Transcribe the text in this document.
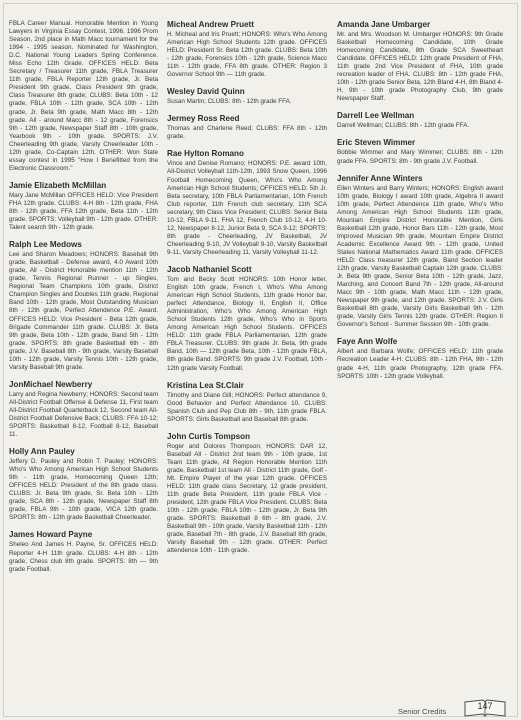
FBLA Career Manual. Honorable Mention in Young Lawyers in Virginia Essay Contest, 1996. 1996 Prom Season, 2nd place in Math Macc tournament for the 1994 - 1995 season. Nominated for Washington, D.C. National Young Leaders Spring Conference. Miss Echo 12th Grade. OFFICES HELD: Beta Secretary / Treasurer 11th grade, FBLA Treasurer 11th grade, FBLA Reporter 12th grade, Jr. Beta President 9th grade, Class President 9th grade, Class Treasurer 8th grade; CLUBS: Beta 10th - 12 grade, FBLA 10th - 12th grade, SCA 10th - 12th grade, Jr. Beta 9th grade, Math Macc 8th - 12th grade. All - around Macc 8th - 12 grade, Forensics 9th - 12th grade, Newspaper Staff 8th - 10th grade, Yearbook 9th - 10th grade. SPORTS: J.V. Cheerleading 9th grade, Varsity Cheerleader 10th - 12th grade, Co-Captain 12th. OTHER: Won State essay contest in 1995 "How I Benefitted from the Electronic Classroom."

Jamie Elizabeth McMillan

Mary Jane McMillan OFFICES HELD: Vice President FHA 12th grade. CLUBS: 4-H 8th - 12th grade, FHA 8th - 12th grade, FFA 12th grade, Beta 11th - 12th grade. SPORTS: Volleyball 9th - 12th grade. OTHER: Talent search 9th - 12th grade.

Ralph Lee Medows

Lee and Sharon Meadows; HONORS: Baseball 9th grade, Basketball - Defense award, 4.0 Award 10th grade, All - District Honorable mention 11th - 12th grade, Tennis Regional Runner - up Singles, Regional Team Champions 10th grade, District Champion Singles and Doubles 11th grade, Regional Band 10th - 12th grade, Most Outstanding Musician 8th - 12th grade, Perfect Attendence P.E. Award. OFFICES HELD: Vice President - Beta 12th grade, Brigade Commander 11th grade. CLUBS: Jr. Beta 9th grade, Beta 10th - 12th grade, Band 5th - 12th grade. SPORTS: 8th grade Basketball 6th - 8th grade, J.V. Baseball 8th - 9th grade, Varsity Baseball 10th - 12th grade, Varsity Tennis 10th - 12th grade, Varsity Baseball 9th grade.

JonMichael Newberry

Larry and Regina Newberry; HONORS: Second team All-District Football Offense & Defense 11, First team All-District Football Quarterback 12, Second team All-District Football Defensive Back; CLUBS: FFA 10-12; SPORTS: Basketball 8-12, Football 8-12, Baseball 11.

Holly Ann Pauley

Jeffery D. Pauley and Robin T. Pauley; HONORS: Who's Who Among American High School Students 9th - 11th grade, Homecoming Queen 12th; OFFICES HELD: President of the 8th grade class. CLUBS: Jr. Beta 9th grade, Sr. Beta 10th - 12th grade, SCA 8th - 12th grade, Newspaper Staff 8th grade, FBLA 9th - 10th grade, VICA 12th grade. SPORTS: 8th - 12th grade Basketball Cheerleader.

James Howard Payne

Sheleo And James H. Payne, Sr. OFFICES HELD: Reporter 4-H 11th grade. CLUBS: 4-H 8th - 12th grade, Chess club 8th grade. SPORTS: 8th — 9th grade Football.

Micheal Andrew Pruett

H. Micheal and Iris Pruett; HONORS: Who's Who Among American High School Students 12th grade. OFFICES HELD: President Sr. Beta 12th grade. CLUBS: Beta 10th - 12th grade, Forensics 10th - 12th grade, Science Macc 11th - 12th grade, FFA 8th grade. OTHER: Region 3 Governor School 9th — 11th grade.

Wesley David Quinn

Susan Martin; CLUBS: 8th - 12th grade FFA.

Jermey Ross Reed

Thomas and Charlene Reed; CLUBS: FFA 8th - 12th grade.

Rae Hylton Romano

Vince and Denise Romano; HONORS: P.E. award 10th, All-District Volleyball 11th-12th, 1993 Snow Queen, 1996 Football Homecoming Queen, Who's Who Among American High School Students; OFFICES HELD: 5th Jr. Beta secretary, 10th FBLA Parliamentarian, 10th French Club reporter, 11th French club secretary, 11th SCA secretary, 9th Class Vice President; CLUBS: Senior Beta 10-12, FBLA 9-11, FHA 12, French Club 10-12, 4-H 10-12, Newspaper 8-12, Junior Beta 9, SCA 9-12; SPORTS: 8th grade - Cheerleading, JV Basketball, JV Cheerleading 9-10, JV Volleyball 9-10, Varsity Basketball 9-11, Varsity Cheerleading 11, Varsity Volleyball 11-12.

Jacob Nathaniel Scott

Tom and Becky Scott HONORS: 10th Honor letter, English 10th grade, French I, Who's Who Among American High School Students, 11th grade Honor bar, perfect Attendance, Biology II, English II, Office Administration, Who's Who Among American High School Students 12th grade, Who's Who in Sports Among American High School Students. OFFICES HELD: 11th grade FBLA Parliamentarian, 12th grade FBLA Treasurer. CLUBS: 9th grade Jr. Beta, 9th grade Band, 10th — 12th grade Beta, 10th - 12th grade FBLA, 8th grade Band. SPORTS: 9th grade J.V. Football, 10th - 12th grade Varsity Football.

Kristina Lea St.Clair

Timothy and Diane Gill; HONORS: Perfect attendance 9, Good Behavior and Perfect Attendance 10. CLUBS: Spanish Club and Pep Club 8th - 9th, 11th grade FBLA. SPORTS: Girls Basketball and Baseball 8th grade.

John Curtis Tompson

Roger and Dolores Thompson; HONORS: DAR 12, Baseball All - District 2nd team 9th - 10th grade, 1st Team 11th grade, All Region Honorable Mention 11th grade, Basketball 1st team All - District 11th grade, Golf - Mt. Empire Player of the year 12th grade. OFFICES HELD: 11th grade class Secretary, 12 grade president, 11th grade Beta President, 11th grade FBLA Vice - president, 12th grade FBLA Vice President. CLUBS: Beta 10th - 12th grade, FBLA 10th - 12th grade, Jr. Beta 9th grade. SPORTS: Basketball 8 6th - 8th grade, J.V. Basketball 9th - 10th grade, Varsity Basketball 11th - 12th grade, Baseball 7th - 8th grade, J.V. Baseball 8th grade, Varsity Baseball 9th - 12th grade. OTHER: Perfect attendence 10th - 11th grade.

Amanda Jane Umbarger

Mr. and Mrs. Woodson M. Umbarger HONORS: 9th Grade Basketball Homecoming Candidate, 10th Grade Homecoming Candidate, 8th Grade SCA Sweetheart Candidate. OFFICES HELD: 12th grade President of FHA, 11th grade 2nd Vice President of FHA, 10th grade recreation leader of FHA. CLUBS: 8th - 12th grade FHA, 10th - 12th grade Senior Beta, 12th Bland 4-H, 8th Bland 4-H, 9th - 10th grade Photography Club, 9th grade Newspaper Staff.

Darrell Lee Wellman

Darrell Wellman; CLUBS: 8th - 12th grade FFA.

Eric Steven Wimmer

Bobbie Wimmer and Mary Wimmer; CLUBS: 8th - 12th grade FFA. SPORTS: 8th - 9th grade J.V. Football.

Jennifer Anne Winters

Ellen Winters and Barry Winters; HONORS: English award 10th grade, Biology I award 10th grade, Algebra II award 10th grade, Perfect Attendence 11th grade, Who's Who Among American High School Students 11th grade, Mountain Empire District Honorable Mention, Girls Basketball 12th grade, Honor Bars 11th - 12th grade, Most Improved Musician 9th grade, Mountain Empire District Academic Excellence Award 9th - 12th grade, United States National Mathematics Award 11th grade. OFFICES HELD: Class treasurer 12th grade, Band Section leader 12th grade, Varsity Basketball Captain 12th grade. CLUBS: Jr. Beta 9th grade, Senior Beta 10th - 12th grade, Jazz, Marching, and Concert Band 7th - 12th grade, All-around Macc 9th - 10th grade, Math Macc 11th - 12th grade, Newspaper 9th grade, and 12th grade. SPORTS: J.V. Girls Basketball 8th grade, Varsity Girls Basketball 9th - 12th grade, Varsity Girls Tennis 12th grade. OTHER: Region II Governor's School - Summer Session 9th - 10th grade.

Faye Ann Wolfe

Albert and Barbara Wolfe; OFFICES HELD: 11th grade Recreation Leader 4-H. CLUBS: 8th - 12th FHA, 9th - 12th grade 4-H, 11th grade Photography, 12th grade FFA. SPORTS: 10th - 12th grade Volleyball.

Senior Credits
147
